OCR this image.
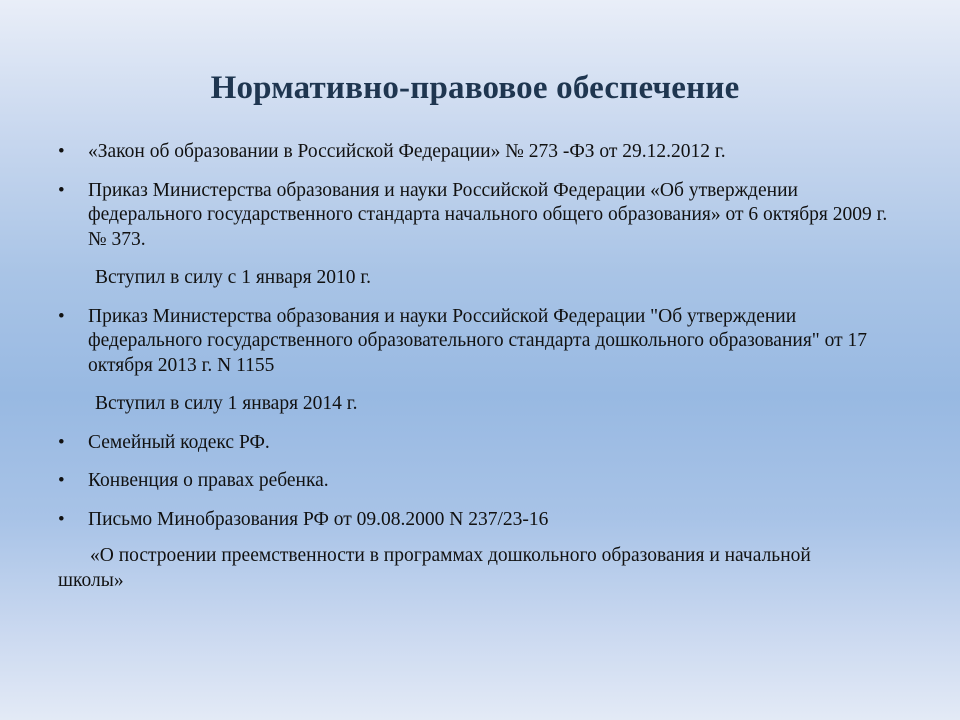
Нормативно-правовое обеспечение
•	«Закон об образовании в Российской Федерации» № 273 -ФЗ от 29.12.2012 г.
•	Приказ Министерства образования и науки Российской Федерации «Об утверждении федерального государственного стандарта начального общего образования» от 6 октября 2009 г. № 373.
Вступил в силу с 1 января 2010 г.
•	Приказ Министерства образования и науки Российской Федерации "Об утверждении федерального государственного образовательного стандарта дошкольного образования" от 17 октября 2013 г. N 1155
Вступил в силу 1 января 2014 г.
•	Семейный кодекс РФ.
•	Конвенция о правах ребенка.
•	Письмо Минобразования РФ от 09.08.2000 N 237/23-16
«О построении преемственности в программах дошкольного образования и начальной
школы»
